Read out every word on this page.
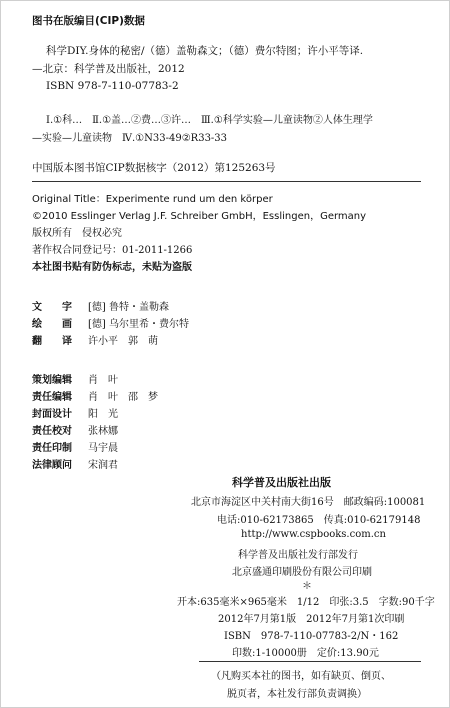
图书在版编目(CIP)数据
科学DIY.身体的秘密/（德）盖勒森文；（德）费尔特图；许小平等译.
—北京：科学普及出版社，2012
ISBN 978-7-110-07783-2
Ⅰ.①科…　Ⅱ.①盖…②费…③许…　Ⅲ.①科学实验—儿童读物②人体生理学
—实验—儿童读物　Ⅳ.①N33-49②R33-33
中国版本图书馆CIP数据核字（2012）第125263号
Original Title：Experimente rund um den körper
©2010 Esslinger Verlag J.F. Schreiber GmbH，Esslingen，Germany
版权所有　侵权必究
著作权合同登记号：01-2011-1266
本社图书贴有防伪标志，未贴为盗版
文　　字 [德] 鲁特・盖勒森
绘　　画 [德] 乌尔里希・费尔特
翻　　译 许小平　郭　萌
策划编辑 肖　叶
责任编辑 肖　叶　邵　梦
封面设计 阳　光
责任校对 张林娜
责任印制 马宇晨
法律顾问 宋润君
科学普及出版社出版
北京市海淀区中关村南大街16号　邮政编码:100081
电话:010-62173865　传真:010-62179148
http://www.cspbooks.com.cn
科学普及出版社发行部发行
北京盛通印刷股份有限公司印刷
＊
开本:635毫米×965毫米　1/12　印张:3.5　字数:90千字
2012年7月第1版　2012年7月第1次印刷
ISBN　978-7-110-07783-2/N・162
印数:1-10000册　定价:13.90元
（凡购买本社的图书，如有缺页、倒页、
脱页者，本社发行部负责调换）
